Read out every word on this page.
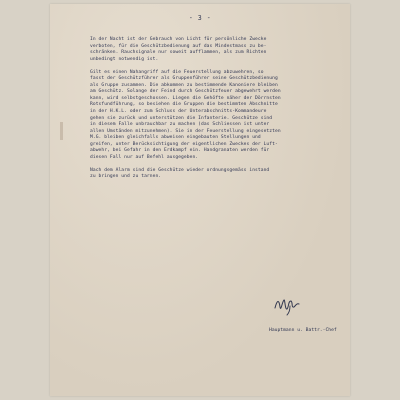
- 3 -
In der Nacht ist der Gebrauch von Licht für persönliche Zwecke
verboten, für die Geschützbedienung auf das Mindestmass zu be-
schränken. Rauchsignale nur soweit aufflammen, als zum Richten
unbedingt notwendig ist.
Gilt es einen Nahangriff auf die Feuerstellung abzuwehren, so
fasst der Geschützführer als Gruppenführer seine Geschützbedienung
als Gruppe zusammen. Die abkommen zu bestimmende Kanoniere bleiben
am Geschütz. Solange der Feind durch Geschützfeuer abgewehrt werden
kann, wird selbstgeschossen. Liegen die Gehöfte näher der Dörrnsten
Rotsfundführung, so besiehen die Gruppen die bestimmten Abschnitte
in der H.K.L. oder zum Schluss der Unterabschnitts-Kommandeure
gehen sie zurück und unterstützen die Infanterie. Geschütze sind
in diesem Falle unbrauchbar zu machen (das Schliessen ist unter
allen Umständen mitzunehmen). Sie in der Feuerstellung eingesetzten
M.G. bleiben gleichfalls abweisen eingebauten Stellungen und
greifen, unter Berücksichtigung der eigentlichen Zweckes der Luft-
abwehr, bei Gefahr in den Erdkampf ein. Handgranaten werden für
diesen Fall nur auf Befehl ausgegeben.
Nach dem Alarm sind die Geschütze wieder ordnungsgemäss instand
zu bringen und zu tarnen.
Hauptmann u. Battr.-Chef
